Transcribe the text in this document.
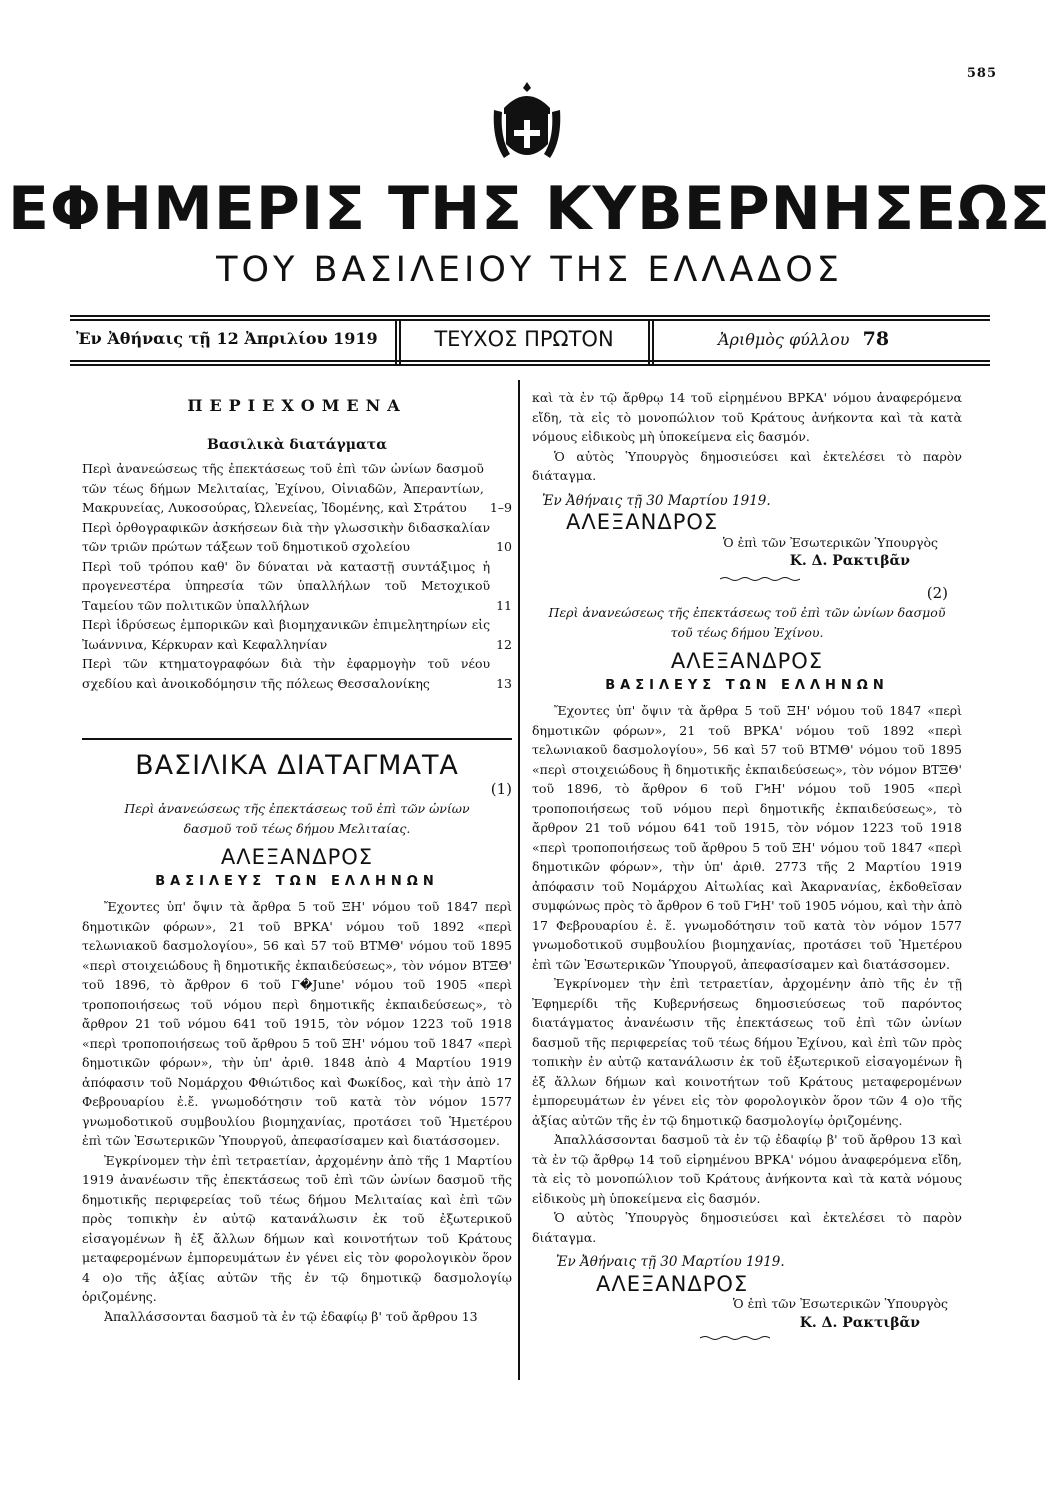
585
ΕΦΗΜΕΡΙΣ ΤΗΣ ΚΥΒΕΡΝΗΣΕΩΣ
ΤΟΥ ΒΑΣΙΛΕΙΟΥ ΤΗΣ ΕΛΛΑΔΟΣ
Ἐν Ἀθήναις τῇ 12 Ἀπριλίου 1919	ΤΕΥΧΟΣ ΠΡΩΤΟΝ	Ἀριθμὸς φύλλου 78
ΠΕΡΙΕΧΟΜΕΝΑ
Βασιλικὰ διατάγματα

Περὶ ἀνανεώσεως τῆς ἐπεκτάσεως τοῦ ἐπὶ τῶν ὠνίων δασμοῦ τῶν τέως δήμων Μελιταίας, Ἐχίνου, Οἰνιαδῶν, Ἀπεραντίων, Μακρυνείας, Λυκοσούρας, Ὠλενείας, Ἰδομένης, καὶ Στράτου	1–9

Περὶ ὀρθογραφικῶν ἀσκήσεων διὰ τὴν γλωσσικὴν διδασκαλίαν τῶν τριῶν πρώτων τάξεων τοῦ δημοτικοῦ σχολείου	10

Περὶ τοῦ τρόπου καθ' ὃν δύναται νὰ καταστῇ συντάξιμος ἡ προγενεστέρα ὑπηρεσία τῶν ὑπαλλήλων τοῦ Μετοχικοῦ Ταμείου τῶν πολιτικῶν ὑπαλλήλων	11

Περὶ ἱδρύσεως ἐμπορικῶν καὶ βιομηχανικῶν ἐπιμελητηρίων εἰς Ἰωάννινα, Κέρκυραν καὶ Κεφαλληνίαν	12

Περὶ τῶν κτηματογραφόων διὰ τὴν ἐφαρμογὴν τοῦ νέου σχεδίου καὶ ἀνοικοδόμησιν τῆς πόλεως Θεσσαλονίκης	13
ΒΑΣΙΛΙΚΑ ΔΙΑΤΑΓΜΑΤΑ
(1)

Περὶ ἀνανεώσεως τῆς ἐπεκτάσεως τοῦ ἐπὶ τῶν ὠνίων δασμοῦ τοῦ τέως δήμου Μελιταίας.

ΑΛΕΞΑΝΔΡΟΣ
ΒΑΣΙΛΕΥΣ ΤΩΝ ΕΛΛΗΝΩΝ

Ἔχοντες ὑπ' ὄψιν τὰ ἄρθρα 5 τοῦ ΞΗ' νόμου τοῦ 1847 περὶ δημοτικῶν φόρων», 21 τοῦ ΒΡΚΑ' νόμου τοῦ 1892 «περὶ τελωνιακοῦ δασμολογίου», 56 καὶ 57 τοῦ ΒΤΜΘ' νόμου τοῦ 1895 «περὶ στοιχειώδους ἢ δημοτικῆς ἐκπαιδεύσεως», τὸν νόμον ΒΤΞΘ' τοῦ 1896, τὸ ἄρθρον 6 τοῦ Γ�June' νόμου τοῦ 1905 «περὶ τροποποιήσεως τοῦ νόμου περὶ δημοτικῆς ἐκπαιδεύσεως», τὸ ἄρθρον 21 τοῦ νόμου 641 τοῦ 1915, τὸν νόμον 1223 τοῦ 1918 «περὶ τροποποιήσεως τοῦ ἄρθρου 5 τοῦ ΞΗ' νόμου τοῦ 1847 «περὶ δημοτικῶν φόρων», τὴν ὑπ' ἀριθ. 1848 ἀπὸ 4 Μαρτίου 1919 ἀπόφασιν τοῦ Νομάρχου Φθιώτιδος καὶ Φωκίδος, καὶ τὴν ἀπὸ 17 Φεβρουαρίου ἐ.ἔ. γνωμοδότησιν τοῦ κατὰ τὸν νόμον 1577 γνωμοδοτικοῦ συμβουλίου βιομηχανίας, προτάσει τοῦ Ἡμετέρου ἐπὶ τῶν Ἐσωτερικῶν Ὑπουργοῦ, ἀπεφασίσαμεν καὶ διατάσσομεν.

Ἐγκρίνομεν τὴν ἐπὶ τετραετίαν, ἀρχομένην ἀπὸ τῆς 1 Μαρτίου 1919 ἀνανέωσιν τῆς ἐπεκτάσεως τοῦ ἐπὶ τῶν ὠνίων δασμοῦ τῆς δημοτικῆς περιφερείας τοῦ τέως δήμου Μελιταίας καὶ ἐπὶ τῶν πρὸς τοπικὴν ἐν αὐτῷ κατανάλωσιν ἐκ τοῦ ἐξωτερικοῦ εἰσαγομένων ἢ ἐξ ἄλλων δήμων καὶ κοινοτήτων τοῦ Κράτους μεταφερομένων ἐμπορευμάτων ἐν γένει εἰς τὸν φορολογικὸν ὅρον 4 ο)ο τῆς ἀξίας αὐτῶν τῆς ἐν τῷ δημοτικῷ δασμολογίῳ ὁριζομένης.

Ἀπαλλάσσονται δασμοῦ τὰ ἐν τῷ ἐδαφίῳ β' τοῦ ἄρθρου 13

καὶ τὰ ἐν τῷ ἄρθρῳ 14 τοῦ εἰρημένου ΒΡΚΑ' νόμου ἀναφερόμενα εἴδη, τὰ εἰς τὸ μονοπώλιον τοῦ Κράτους ἀνήκοντα καὶ τὰ κατὰ νόμους εἰδικοὺς μὴ ὑποκείμενα εἰς δασμόν.

Ὁ αὐτὸς Ὑπουργὸς δημοσιεύσει καὶ ἐκτελέσει τὸ παρὸν διάταγμα.

Ἐν Ἀθήναις τῇ 30 Μαρτίου 1919.

ΑΛΕΞΑΝΔΡΟΣ
Ὁ ἐπὶ τῶν Ἐσωτερικῶν Ὑπουργὸς
Κ. Δ. Ρακτιβᾶν
(2)

Περὶ ἀνανεώσεως τῆς ἐπεκτάσεως τοῦ ἐπὶ τῶν ὠνίων δασμοῦ τοῦ τέως δήμου Ἐχίνου.

ΑΛΕΞΑΝΔΡΟΣ
ΒΑΣΙΛΕΥΣ ΤΩΝ ΕΛΛΗΝΩΝ

Ἔχοντες ὑπ' ὄψιν τὰ ἄρθρα 5 τοῦ ΞΗ' νόμου τοῦ 1847 «περὶ δημοτικῶν φόρων», 21 τοῦ ΒΡΚΑ' νόμου τοῦ 1892 «περὶ τελωνιακοῦ δασμολογίου», 56 καὶ 57 τοῦ ΒΤΜΘ' νόμου τοῦ 1895 «περὶ στοιχειώδους ἢ δημοτικῆς ἐκπαιδεύσεως», τὸν νόμον ΒΤΞΘ' τοῦ 1896, τὸ ἄρθρον 6 τοῦ ΓϞΗ' νόμου τοῦ 1905 «περὶ τροποποιήσεως τοῦ νόμου περὶ δημοτικῆς ἐκπαιδεύσεως», τὸ ἄρθρον 21 τοῦ νόμου 641 τοῦ 1915, τὸν νόμον 1223 τοῦ 1918 «περὶ τροποποιήσεως τοῦ ἄρθρου 5 τοῦ ΞΗ' νόμου τοῦ 1847 «περὶ δημοτικῶν φόρων», τὴν ὑπ' ἀριθ. 2773 τῆς 2 Μαρτίου 1919 ἀπόφασιν τοῦ Νομάρχου Αἰτωλίας καὶ Ἀκαρνανίας, ἐκδοθεῖσαν συμφώνως πρὸς τὸ ἄρθρον 6 τοῦ ΓϞΗ' τοῦ 1905 νόμου, καὶ τὴν ἀπὸ 17 Φεβρουαρίου ἐ. ἔ. γνωμοδότησιν τοῦ κατὰ τὸν νόμον 1577 γνωμοδοτικοῦ συμβουλίου βιομηχανίας, προτάσει τοῦ Ἡμετέρου ἐπὶ τῶν Ἐσωτερικῶν Ὑπουργοῦ, ἀπεφασίσαμεν καὶ διατάσσομεν.

Ἐγκρίνομεν τὴν ἐπὶ τετραετίαν, ἀρχομένην ἀπὸ τῆς ἐν τῇ Ἐφημερίδι τῆς Κυβερνήσεως δημοσιεύσεως τοῦ παρόντος διατάγματος ἀνανέωσιν τῆς ἐπεκτάσεως τοῦ ἐπὶ τῶν ὠνίων δασμοῦ τῆς περιφερείας τοῦ τέως δήμου Ἐχίνου, καὶ ἐπὶ τῶν πρὸς τοπικὴν ἐν αὐτῷ κατανάλωσιν ἐκ τοῦ ἐξωτερικοῦ εἰσαγομένων ἢ ἐξ ἄλλων δήμων καὶ κοινοτήτων τοῦ Κράτους μεταφερομένων ἐμπορευμάτων ἐν γένει εἰς τὸν φορολογικὸν ὅρον τῶν 4 ο)ο τῆς ἀξίας αὐτῶν τῆς ἐν τῷ δημοτικῷ δασμολογίῳ ὁριζομένης.

Ἀπαλλάσσονται δασμοῦ τὰ ἐν τῷ ἐδαφίῳ β' τοῦ ἄρθρου 13 καὶ τὰ ἐν τῷ ἄρθρῳ 14 τοῦ εἰρημένου ΒΡΚΑ' νόμου ἀναφερόμενα εἴδη, τὰ εἰς τὸ μονοπώλιον τοῦ Κράτους ἀνήκοντα καὶ τὰ κατὰ νόμους εἰδικοὺς μὴ ὑποκείμενα εἰς δασμόν.

Ὁ αὐτὸς Ὑπουργὸς δημοσιεύσει καὶ ἐκτελέσει τὸ παρὸν διάταγμα.

Ἐν Ἀθήναις τῇ 30 Μαρτίου 1919.

ΑΛΕΞΑΝΔΡΟΣ
Ὁ ἐπὶ τῶν Ἐσωτερικῶν Ὑπουργὸς
Κ. Δ. Ρακτιβᾶν
